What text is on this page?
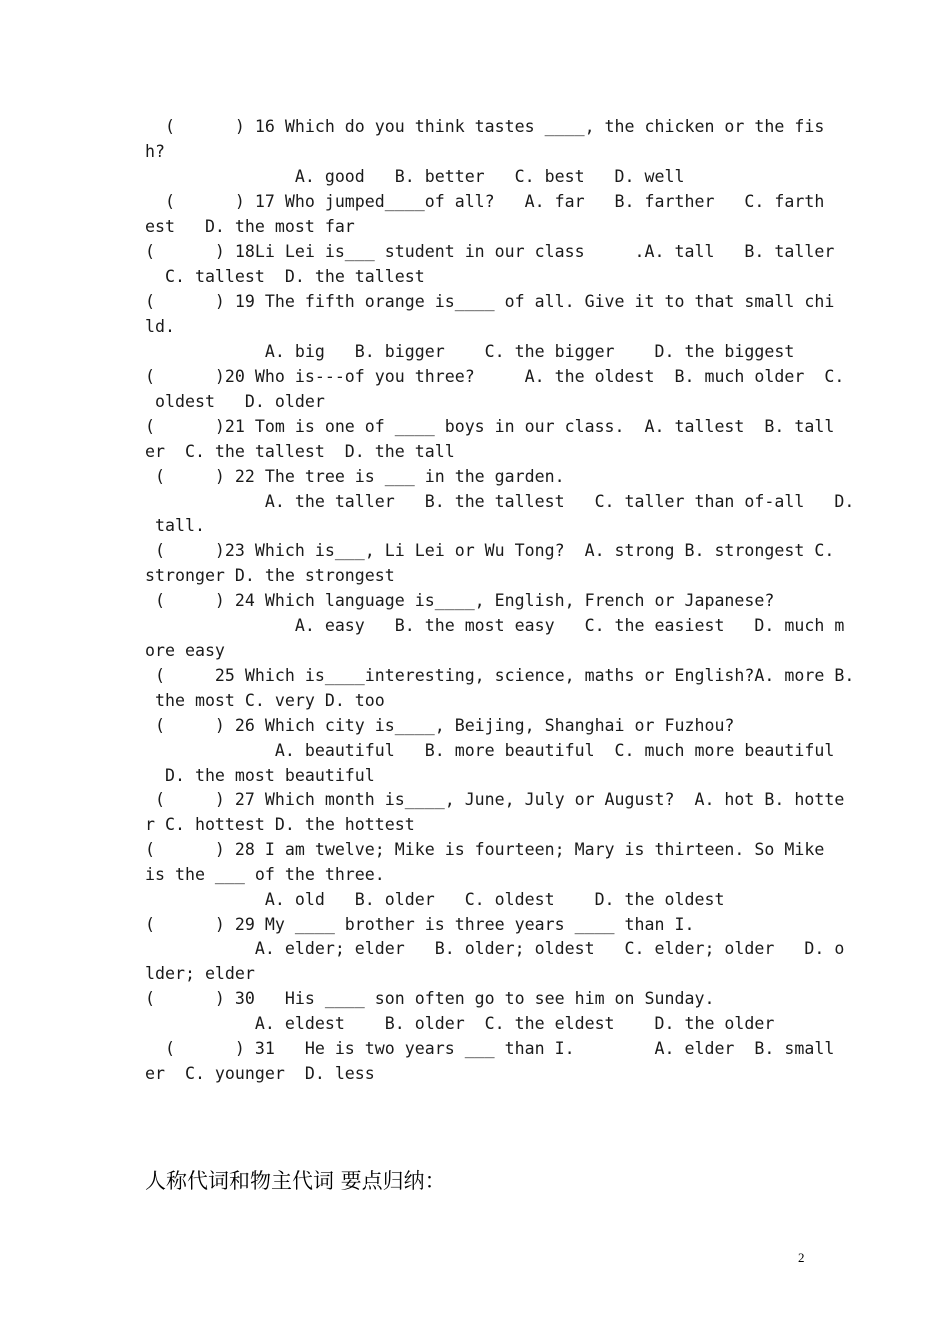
(      ) 16 Which do you think tastes ____, the chicken or the fis
h?
A. good   B. better   C. best   D. well
(      ) 17 Who jumped____of all?   A. far   B. farther   C. farth
est   D. the most far
(      ) 18Li Lei is___ student in our class     .A. tall   B. taller
C. tallest  D. the tallest
(      ) 19 The fifth orange is____ of all. Give it to that small chi
ld.
A. big   B. bigger    C. the bigger    D. the biggest
(      )20 Who is---of you three?     A. the oldest  B. much older  C.
oldest   D. older
(      )21 Tom is one of ____ boys in our class.  A. tallest  B. tall
er  C. the tallest  D. the tall
(     ) 22 The tree is ___ in the garden.
A. the taller   B. the tallest   C. taller than of-all   D.
tall.
(     )23 Which is___, Li Lei or Wu Tong?  A. strong B. strongest C.
stronger D. the strongest
(     ) 24 Which language is____, English, French or Japanese?
A. easy   B. the most easy   C. the easiest   D. much m
ore easy
(     25 Which is____interesting, science, maths or English?A. more B.
the most C. very D. too
(     ) 26 Which city is____, Beijing, Shanghai or Fuzhou?
A. beautiful   B. more beautiful  C. much more beautiful
D. the most beautiful
(     ) 27 Which month is____, June, July or August?  A. hot B. hotte
r C. hottest D. the hottest
(      ) 28 I am twelve; Mike is fourteen; Mary is thirteen. So Mike
is the ___ of the three.
A. old   B. older   C. oldest    D. the oldest
(      ) 29 My ____ brother is three years ____ than I.
A. elder; elder   B. older; oldest   C. elder; older   D. o
lder; elder
(      ) 30   His ____ son often go to see him on Sunday.
A. eldest    B. older  C. the eldest    D. the older
(      ) 31   He is two years ___ than I.        A. elder  B. small
er  C. younger  D. less
人称代词和物主代词 要点归纳：
2
